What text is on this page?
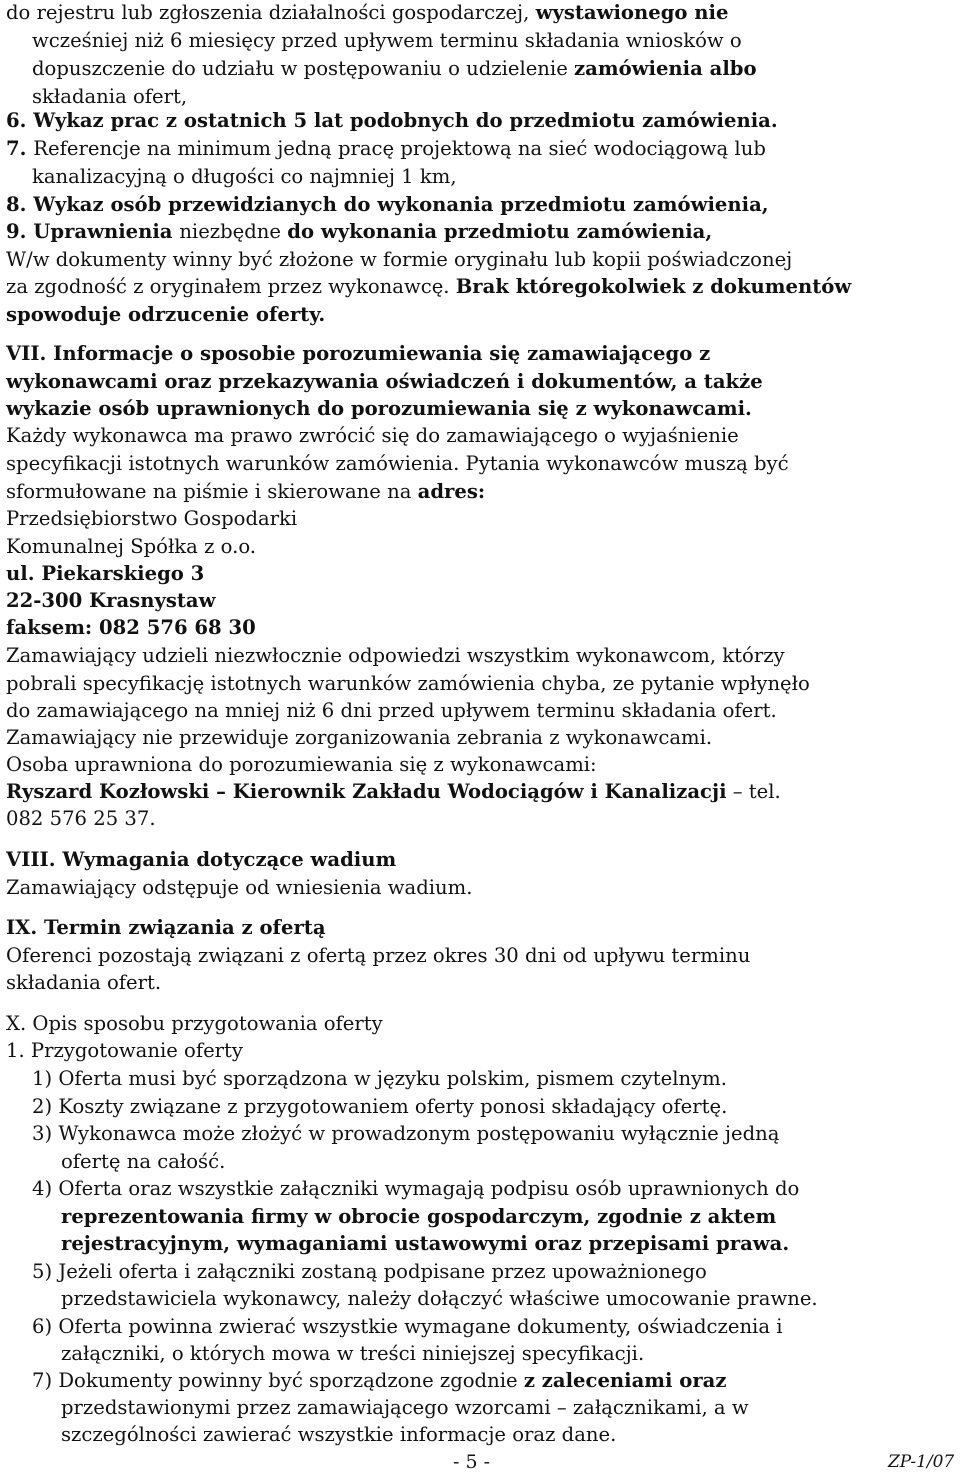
do rejestru lub zgłoszenia działalności gospodarczej, wystawionego nie
wcześniej niż 6 miesięcy przed upływem terminu składania wniosków o
dopuszczenie do udziału w postępowaniu o udzielenie zamówienia albo
składania ofert,
6. Wykaz prac z ostatnich 5 lat podobnych do przedmiotu zamówienia.
7. Referencje na minimum jedną pracę projektową na sieć wodociągową lub
kanalizacyjną o długości co najmniej 1 km,
8. Wykaz osób przewidzianych do wykonania przedmiotu zamówienia,
9. Uprawnienia niezbędne do wykonania przedmiotu zamówienia,
W/w dokumenty winny być złożone w formie oryginału lub kopii poświadczonej
za zgodność z oryginałem przez wykonawcę. Brak któregokolwiek z dokumentów
spowoduje odrzucenie oferty.
VII. Informacje o sposobie porozumiewania się zamawiającego z
wykonawcami oraz przekazywania oświadczeń i dokumentów, a także
wykazie osób uprawnionych do porozumiewania się z wykonawcami.
Każdy wykonawca ma prawo zwrócić się do zamawiającego o wyjaśnienie
specyfikacji istotnych warunków zamówienia. Pytania wykonawców muszą być
sformułowane na piśmie i skierowane na adres:
Przedsiębiorstwo Gospodarki
Komunalnej Spółka z o.o.
ul. Piekarskiego 3
22-300 Krasnystaw
faksem: 082 576 68 30
Zamawiający udzieli niezwłocznie odpowiedzi wszystkim wykonawcom, którzy
pobrali specyfikację istotnych warunków zamówienia chyba, ze pytanie wpłynęło
do zamawiającego na mniej niż 6 dni przed upływem terminu składania ofert.
Zamawiający nie przewiduje zorganizowania zebrania z wykonawcami.
Osoba uprawniona do porozumiewania się z wykonawcami:
Ryszard Kozłowski – Kierownik Zakładu Wodociągów i Kanalizacji – tel.
082 576 25 37.
VIII. Wymagania dotyczące wadium
Zamawiający odstępuje od wniesienia wadium.
IX. Termin związania z ofertą
Oferenci pozostają związani z ofertą przez okres 30 dni od upływu terminu
składania ofert.
X. Opis sposobu przygotowania oferty
1. Przygotowanie oferty
1) Oferta musi być sporządzona w języku polskim, pismem czytelnym.
2) Koszty związane z przygotowaniem oferty ponosi składający ofertę.
3) Wykonawca może złożyć w prowadzonym postępowaniu wyłącznie jedną
ofertę na całość.
4) Oferta oraz wszystkie załączniki wymagają podpisu osób uprawnionych do
reprezentowania firmy w obrocie gospodarczym, zgodnie z aktem
rejestracyjnym, wymaganiami ustawowymi oraz przepisami prawa.
5) Jeżeli oferta i załączniki zostaną podpisane przez upoważnionego
przedstawiciela wykonawcy, należy dołączyć właściwe umocowanie prawne.
6) Oferta powinna zwierać wszystkie wymagane dokumenty, oświadczenia i
załączniki, o których mowa w treści niniejszej specyfikacji.
7) Dokumenty powinny być sporządzone zgodnie z zaleceniami oraz
przedstawionymi przez zamawiającego wzorcami – załącznikami, a w
szczególności zawierać wszystkie informacje oraz dane.
- 5 -	ZP-1/07
